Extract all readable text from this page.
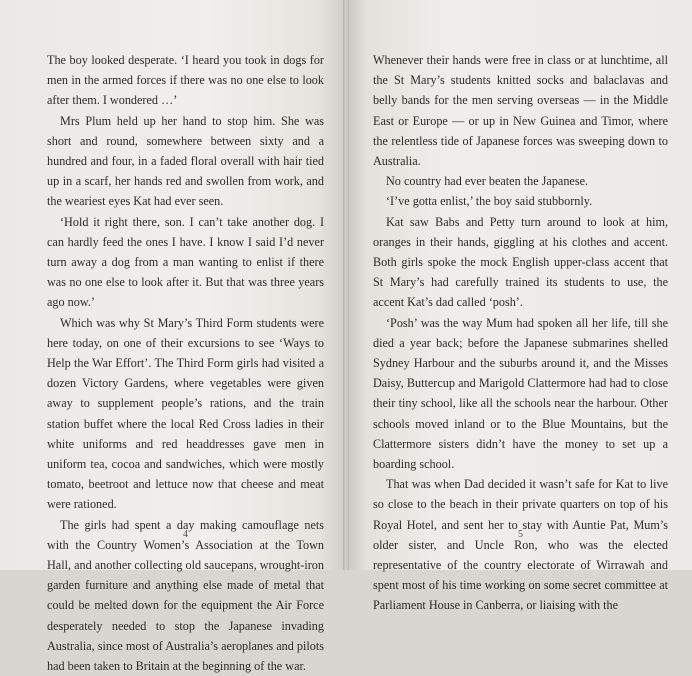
The boy looked desperate. ‘I heard you took in dogs for men in the armed forces if there was no one else to look after them. I wondered …’

Mrs Plum held up her hand to stop him. She was short and round, somewhere between sixty and a hundred and four, in a faded floral overall with hair tied up in a scarf, her hands red and swollen from work, and the weariest eyes Kat had ever seen.

‘Hold it right there, son. I can’t take another dog. I can hardly feed the ones I have. I know I said I’d never turn away a dog from a man wanting to enlist if there was no one else to look after it. But that was three years ago now.’

Which was why St Mary’s Third Form students were here today, on one of their excursions to see ‘Ways to Help the War Effort’. The Third Form girls had visited a dozen Victory Gardens, where vegetables were given away to supplement people’s rations, and the train station buffet where the local Red Cross ladies in their white uniforms and red headdresses gave men in uniform tea, cocoa and sandwiches, which were mostly tomato, beetroot and lettuce now that cheese and meat were rationed.

The girls had spent a day making camouflage nets with the Country Women’s Association at the Town Hall, and another collecting old saucepans, wrought-iron garden furniture and anything else made of metal that could be melted down for the equipment the Air Force desperately needed to stop the Japanese invading Australia, since most of Australia’s aeroplanes and pilots had been taken to Britain at the beginning of the war.

4

Whenever their hands were free in class or at lunchtime, all the St Mary’s students knitted socks and balaclavas and belly bands for the men serving overseas — in the Middle East or Europe — or up in New Guinea and Timor, where the relentless tide of Japanese forces was sweeping down to Australia.

No country had ever beaten the Japanese.

‘I’ve gotta enlist,’ the boy said stubbornly.

Kat saw Babs and Petty turn around to look at him, oranges in their hands, giggling at his clothes and accent. Both girls spoke the mock English upper-class accent that St Mary’s had carefully trained its students to use, the accent Kat’s dad called ‘posh’.

‘Posh’ was the way Mum had spoken all her life, till she died a year back; before the Japanese submarines shelled Sydney Harbour and the suburbs around it, and the Misses Daisy, Buttercup and Marigold Clattermore had had to close their tiny school, like all the schools near the harbour. Other schools moved inland or to the Blue Mountains, but the Clattermore sisters didn’t have the money to set up a boarding school.

That was when Dad decided it wasn’t safe for Kat to live so close to the beach in their private quarters on top of his Royal Hotel, and sent her to stay with Auntie Pat, Mum’s older sister, and Uncle Ron, who was the elected representative of the country electorate of Wirrawah and spent most of his time working on some secret committee at Parliament House in Canberra, or liaising with the

5
